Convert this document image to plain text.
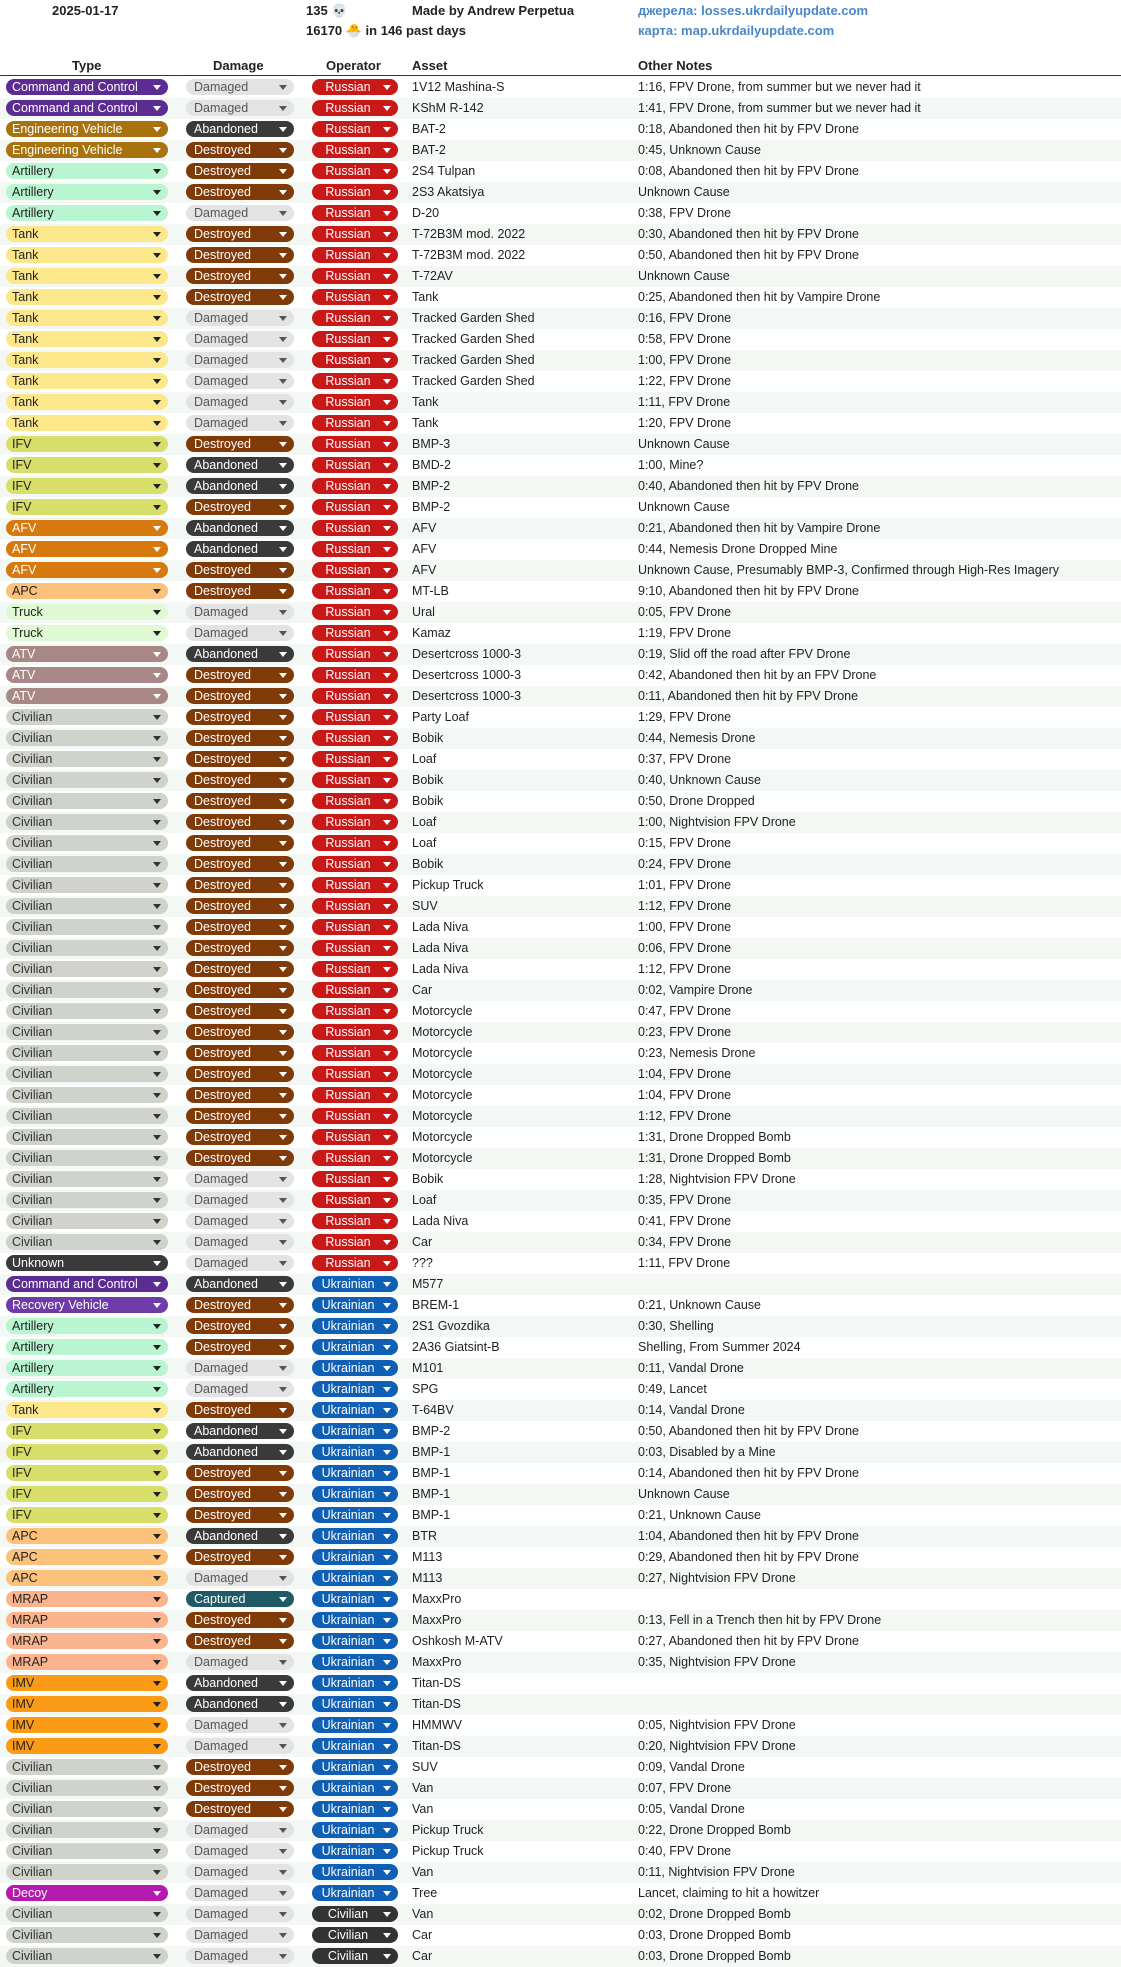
2025-01-17	135 💀
16170 🐣 in 146 past days
Made by Andrew Perpetua	джерела: losses.ukrdailyupdate.com
карта: map.ukrdailyupdate.com
Type	Damage	Operator Asset	Other Notes
Command and Control	Damaged	Russian	1V12 Mashina-S	1:16, FPV Drone, from summer but we never had it
Command and Control	Damaged	Russian	KShM R-142	1:41, FPV Drone, from summer but we never had it
Engineering Vehicle	Abandoned	Russian	BAT-2	0:18, Abandoned then hit by FPV Drone
Engineering Vehicle	Destroyed	Russian	BAT-2	0:45, Unknown Cause
Artillery	Destroyed	Russian	2S4 Tulpan	0:08, Abandoned then hit by FPV Drone
Artillery	Destroyed	Russian	2S3 Akatsiya	Unknown Cause
Artillery	Damaged	Russian	D-20	0:38, FPV Drone
Tank	Destroyed	Russian	T-72B3M mod. 2022	0:30, Abandoned then hit by FPV Drone
Tank	Destroyed	Russian	T-72B3M mod. 2022	0:50, Abandoned then hit by FPV Drone
Tank	Destroyed	Russian	T-72AV	Unknown Cause
Tank	Destroyed	Russian	Tank	0:25, Abandoned then hit by Vampire Drone
Tank	Damaged	Russian	Tracked Garden Shed	0:16, FPV Drone
Tank	Damaged	Russian	Tracked Garden Shed	0:58, FPV Drone
Tank	Damaged	Russian	Tracked Garden Shed	1:00, FPV Drone
Tank	Damaged	Russian	Tracked Garden Shed	1:22, FPV Drone
Tank	Damaged	Russian	Tank	1:11, FPV Drone
Tank	Damaged	Russian	Tank	1:20, FPV Drone
IFV	Destroyed	Russian	BMP-3	Unknown Cause
IFV	Abandoned	Russian	BMD-2	1:00, Mine?
IFV	Abandoned	Russian	BMP-2	0:40, Abandoned then hit by FPV Drone
IFV	Destroyed	Russian	BMP-2	Unknown Cause
AFV	Abandoned	Russian	AFV	0:21, Abandoned then hit by Vampire Drone
AFV	Abandoned	Russian	AFV	0:44, Nemesis Drone Dropped Mine
AFV	Destroyed	Russian	AFV	Unknown Cause, Presumably BMP-3, Confirmed through High-Res Imagery
APC	Destroyed	Russian	MT-LB	9:10, Abandoned then hit by FPV Drone
Truck	Damaged	Russian	Ural	0:05, FPV Drone
Truck	Damaged	Russian	Kamaz	1:19, FPV Drone
ATV	Abandoned	Russian	Desertcross 1000-3	0:19, Slid off the road after FPV Drone
ATV	Destroyed	Russian	Desertcross 1000-3	0:42, Abandoned then hit by an FPV Drone
ATV	Destroyed	Russian	Desertcross 1000-3	0:11, Abandoned then hit by FPV Drone
Civilian	Destroyed	Russian	Party Loaf	1:29, FPV Drone
Civilian	Destroyed	Russian	Bobik	0:44, Nemesis Drone
Civilian	Destroyed	Russian	Loaf	0:37, FPV Drone
Civilian	Destroyed	Russian	Bobik	0:40, Unknown Cause
Civilian	Destroyed	Russian	Bobik	0:50, Drone Dropped
Civilian	Destroyed	Russian	Loaf	1:00, Nightvision FPV Drone
Civilian	Destroyed	Russian	Loaf	0:15, FPV Drone
Civilian	Destroyed	Russian	Bobik	0:24, FPV Drone
Civilian	Destroyed	Russian	Pickup Truck	1:01, FPV Drone
Civilian	Destroyed	Russian	SUV	1:12, FPV Drone
Civilian	Destroyed	Russian	Lada Niva	1:00, FPV Drone
Civilian	Destroyed	Russian	Lada Niva	0:06, FPV Drone
Civilian	Destroyed	Russian	Lada Niva	1:12, FPV Drone
Civilian	Destroyed	Russian	Car	0:02, Vampire Drone
Civilian	Destroyed	Russian	Motorcycle	0:47, FPV Drone
Civilian	Destroyed	Russian	Motorcycle	0:23, FPV Drone
Civilian	Destroyed	Russian	Motorcycle	0:23, Nemesis Drone
Civilian	Destroyed	Russian	Motorcycle	1:04, FPV Drone
Civilian	Destroyed	Russian	Motorcycle	1:04, FPV Drone
Civilian	Destroyed	Russian	Motorcycle	1:12, FPV Drone
Civilian	Destroyed	Russian	Motorcycle	1:31, Drone Dropped Bomb
Civilian	Destroyed	Russian	Motorcycle	1:31, Drone Dropped Bomb
Civilian	Damaged	Russian	Bobik	1:28, Nightvision FPV Drone
Civilian	Damaged	Russian	Loaf	0:35, FPV Drone
Civilian	Damaged	Russian	Lada Niva	0:41, FPV Drone
Civilian	Damaged	Russian	Car	0:34, FPV Drone
Unknown	Damaged	Russian	???	1:11, FPV Drone
Command and Control	Abandoned	Ukrainian	M577
Recovery Vehicle	Destroyed	Ukrainian	BREM-1	0:21, Unknown Cause
Artillery	Destroyed	Ukrainian	2S1 Gvozdika	0:30, Shelling
Artillery	Destroyed	Ukrainian	2A36 Giatsint-B	Shelling, From Summer 2024
Artillery	Damaged	Ukrainian	M101	0:11, Vandal Drone
Artillery	Damaged	Ukrainian	SPG	0:49, Lancet
Tank	Destroyed	Ukrainian	T-64BV	0:14, Vandal Drone
IFV	Abandoned	Ukrainian	BMP-2	0:50, Abandoned then hit by FPV Drone
IFV	Abandoned	Ukrainian	BMP-1	0:03, Disabled by a Mine
IFV	Destroyed	Ukrainian	BMP-1	0:14, Abandoned then hit by FPV Drone
IFV	Destroyed	Ukrainian	BMP-1	Unknown Cause
IFV	Destroyed	Ukrainian	BMP-1	0:21, Unknown Cause
APC	Abandoned	Ukrainian	BTR	1:04, Abandoned then hit by FPV Drone
APC	Destroyed	Ukrainian	M113	0:29, Abandoned then hit by FPV Drone
APC	Damaged	Ukrainian	M113	0:27, Nightvision FPV Drone
MRAP	Captured	Ukrainian	MaxxPro
MRAP	Destroyed	Ukrainian	MaxxPro	0:13, Fell in a Trench then hit by FPV Drone
MRAP	Destroyed	Ukrainian	Oshkosh M-ATV	0:27, Abandoned then hit by FPV Drone
MRAP	Damaged	Ukrainian	MaxxPro	0:35, Nightvision FPV Drone
IMV	Abandoned	Ukrainian	Titan-DS
IMV	Abandoned	Ukrainian	Titan-DS
IMV	Damaged	Ukrainian	HMMWV	0:05, Nightvision FPV Drone
IMV	Damaged	Ukrainian	Titan-DS	0:20, Nightvision FPV Drone
Civilian	Destroyed	Ukrainian	SUV	0:09, Vandal Drone
Civilian	Destroyed	Ukrainian	Van	0:07, FPV Drone
Civilian	Destroyed	Ukrainian	Van	0:05, Vandal Drone
Civilian	Damaged	Ukrainian	Pickup Truck	0:22, Drone Dropped Bomb
Civilian	Damaged	Ukrainian	Pickup Truck	0:40, FPV Drone
Civilian	Damaged	Ukrainian	Van	0:11, Nightvision FPV Drone
Decoy	Damaged	Ukrainian	Tree	Lancet, claiming to hit a howitzer
Civilian	Damaged	Civilian	Van	0:02, Drone Dropped Bomb
Civilian	Damaged	Civilian	Car	0:03, Drone Dropped Bomb
Civilian	Damaged	Civilian	Car	0:03, Drone Dropped Bomb
